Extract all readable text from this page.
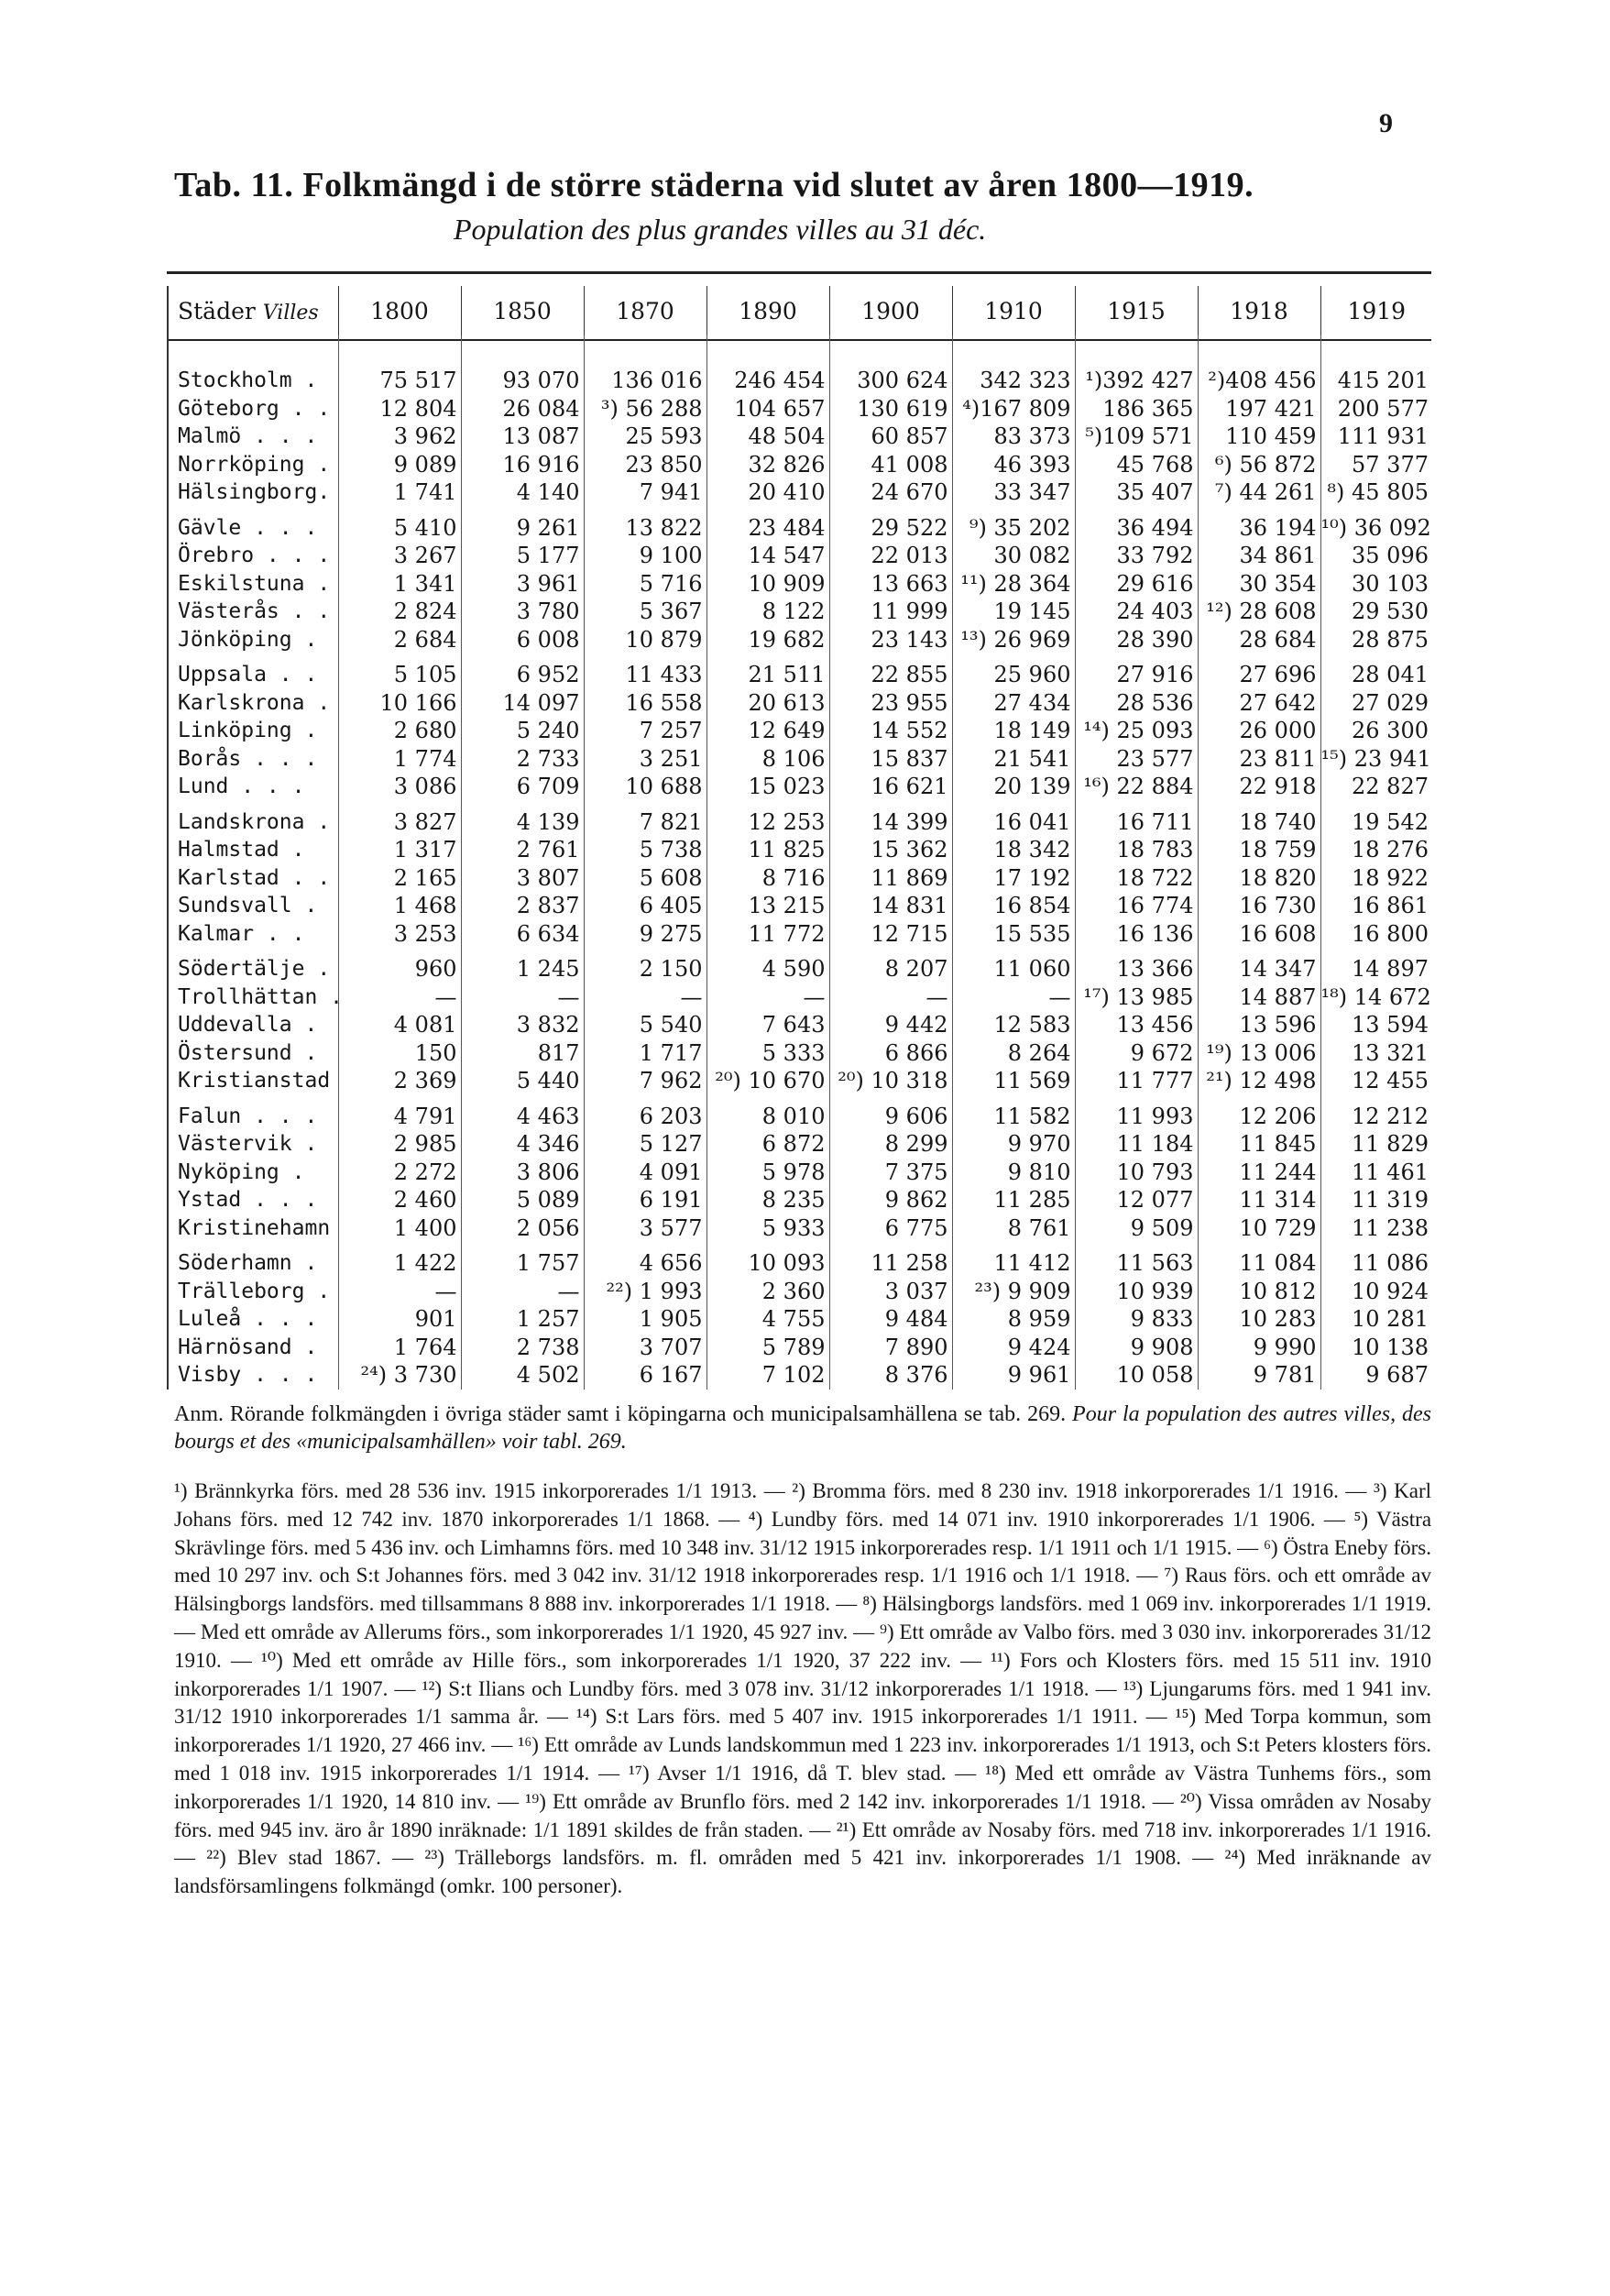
9
Tab. 11. Folkmängd i de större städerna vid slutet av åren 1800—1919.
Population des plus grandes villes au 31 déc.
Städer Villes	1800	1850	1870	1890	1900	1910	1915	1918	1919

Stockholm .	75 517	93 070	136 016	246 454	300 624	342 323	¹)392 427	²)408 456	415 201
Göteborg . .	12 804	26 084	³) 56 288	104 657	130 619	⁴)167 809	186 365	197 421	200 577
Malmö . . .	3 962	13 087	25 593	48 504	60 857	83 373	⁵)109 571	110 459	111 931
Norrköping .	9 089	16 916	23 850	32 826	41 008	46 393	45 768	⁶) 56 872	57 377
Hälsingborg.	1 741	4 140	7 941	20 410	24 670	33 347	35 407	⁷) 44 261	⁸) 45 805
Gävle . . .	5 410	9 261	13 822	23 484	29 522	⁹) 35 202	36 494	36 194	¹⁰) 36 092
Örebro . . .	3 267	5 177	9 100	14 547	22 013	30 082	33 792	34 861	35 096
Eskilstuna .	1 341	3 961	5 716	10 909	13 663	¹¹) 28 364	29 616	30 354	30 103
Västerås . .	2 824	3 780	5 367	8 122	11 999	19 145	24 403	¹²) 28 608	29 530
Jönköping .	2 684	6 008	10 879	19 682	23 143	¹³) 26 969	28 390	28 684	28 875
Uppsala . .	5 105	6 952	11 433	21 511	22 855	25 960	27 916	27 696	28 041
Karlskrona .	10 166	14 097	16 558	20 613	23 955	27 434	28 536	27 642	27 029
Linköping .	2 680	5 240	7 257	12 649	14 552	18 149	¹⁴) 25 093	26 000	26 300
Borås . . .	1 774	2 733	3 251	8 106	15 837	21 541	23 577	23 811	¹⁵) 23 941
Lund . . .	3 086	6 709	10 688	15 023	16 621	20 139	¹⁶) 22 884	22 918	22 827
Landskrona .	3 827	4 139	7 821	12 253	14 399	16 041	16 711	18 740	19 542
Halmstad .	1 317	2 761	5 738	11 825	15 362	18 342	18 783	18 759	18 276
Karlstad . .	2 165	3 807	5 608	8 716	11 869	17 192	18 722	18 820	18 922
Sundsvall .	1 468	2 837	6 405	13 215	14 831	16 854	16 774	16 730	16 861
Kalmar . .	3 253	6 634	9 275	11 772	12 715	15 535	16 136	16 608	16 800
Södertälje .	960	1 245	2 150	4 590	8 207	11 060	13 366	14 347	14 897
Trollhättan .	—	—	—	—	—	—	¹⁷) 13 985	14 887	¹⁸) 14 672
Uddevalla .	4 081	3 832	5 540	7 643	9 442	12 583	13 456	13 596	13 594
Östersund .	150	817	1 717	5 333	6 866	8 264	9 672	¹⁹) 13 006	13 321
Kristianstad	2 369	5 440	7 962	²⁰) 10 670	²⁰) 10 318	11 569	11 777	²¹) 12 498	12 455
Falun . . .	4 791	4 463	6 203	8 010	9 606	11 582	11 993	12 206	12 212
Västervik .	2 985	4 346	5 127	6 872	8 299	9 970	11 184	11 845	11 829
Nyköping .	2 272	3 806	4 091	5 978	7 375	9 810	10 793	11 244	11 461
Ystad . . .	2 460	5 089	6 191	8 235	9 862	11 285	12 077	11 314	11 319
Kristinehamn	1 400	2 056	3 577	5 933	6 775	8 761	9 509	10 729	11 238
Söderhamn .	1 422	1 757	4 656	10 093	11 258	11 412	11 563	11 084	11 086
Trälleborg .	—	—	²²) 1 993	2 360	3 037	²³) 9 909	10 939	10 812	10 924
Luleå . . .	901	1 257	1 905	4 755	9 484	8 959	9 833	10 283	10 281
Härnösand .	1 764	2 738	3 707	5 789	7 890	9 424	9 908	9 990	10 138
Visby . . .	²⁴) 3 730	4 502	6 167	7 102	8 376	9 961	10 058	9 781	9 687
Anm. Rörande folkmängden i övriga städer samt i köpingarna och municipalsamhällena se tab. 269. Pour la population des autres villes, des bourgs et des «municipalsamhällen» voir tabl. 269.
¹) Brännkyrka förs. med 28 536 inv. 1915 inkorporerades 1/1 1913. — ²) Bromma förs. med 8 230 inv. 1918 inkorporerades 1/1 1916. — ³) Karl Johans förs. med 12 742 inv. 1870 inkorporerades 1/1 1868. — ⁴) Lundby förs. med 14 071 inv. 1910 inkorporerades 1/1 1906. — ⁵) Västra Skrävlinge förs. med 5 436 inv. och Limhamns förs. med 10 348 inv. 31/12 1915 inkorporerades resp. 1/1 1911 och 1/1 1915. — ⁶) Östra Eneby förs. med 10 297 inv. och S:t Johannes förs. med 3 042 inv. 31/12 1918 inkorporerades resp. 1/1 1916 och 1/1 1918. — ⁷) Raus förs. och ett område av Hälsingborgs landsförs. med tillsammans 8 888 inv. inkorporerades 1/1 1918. — ⁸) Hälsingborgs landsförs. med 1 069 inv. inkorporerades 1/1 1919. — Med ett område av Allerums förs., som inkorporerades 1/1 1920, 45 927 inv. — ⁹) Ett område av Valbo förs. med 3 030 inv. inkorporerades 31/12 1910. — ¹⁰) Med ett område av Hille förs., som inkorporerades 1/1 1920, 37 222 inv. — ¹¹) Fors och Klosters förs. med 15 511 inv. 1910 inkorporerades 1/1 1907. — ¹²) S:t Ilians och Lundby förs. med 3 078 inv. 31/12 inkorporerades 1/1 1918. — ¹³) Ljungarums förs. med 1 941 inv. 31/12 1910 inkorporerades 1/1 samma år. — ¹⁴) S:t Lars förs. med 5 407 inv. 1915 inkorporerades 1/1 1911. — ¹⁵) Med Torpa kommun, som inkorporerades 1/1 1920, 27 466 inv. — ¹⁶) Ett område av Lunds landskommun med 1 223 inv. inkorporerades 1/1 1913, och S:t Peters klosters förs. med 1 018 inv. 1915 inkorporerades 1/1 1914. — ¹⁷) Avser 1/1 1916, då T. blev stad. — ¹⁸) Med ett område av Västra Tunhems förs., som inkorporerades 1/1 1920, 14 810 inv. — ¹⁹) Ett område av Brunflo förs. med 2 142 inv. inkorporerades 1/1 1918. — ²⁰) Vissa områden av Nosaby förs. med 945 inv. äro år 1890 inräknade: 1/1 1891 skildes de från staden. — ²¹) Ett område av Nosaby förs. med 718 inv. inkorporerades 1/1 1916. — ²²) Blev stad 1867. — ²³) Trälleborgs landsförs. m. fl. områden med 5 421 inv. inkorporerades 1/1 1908. — ²⁴) Med inräknande av landsförsamlingens folkmängd (omkr. 100 personer).
